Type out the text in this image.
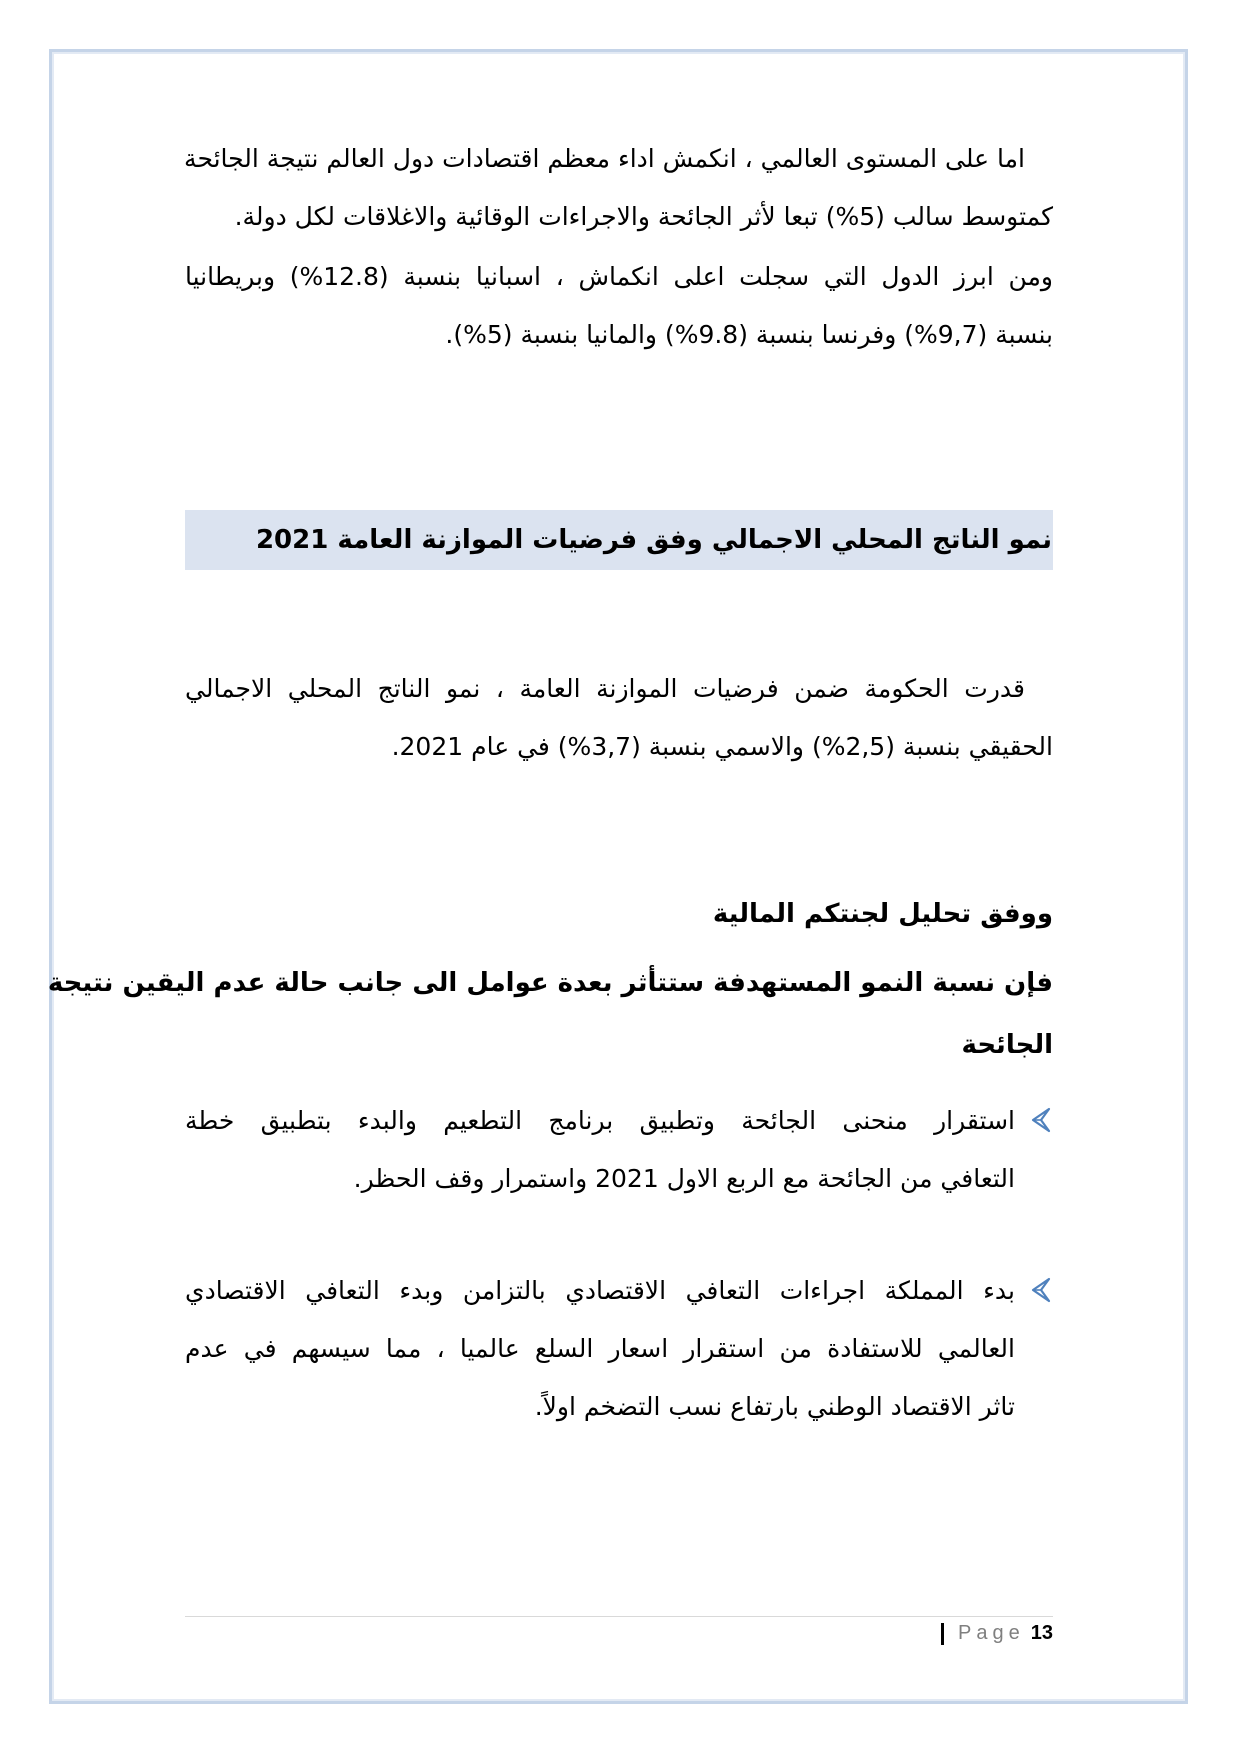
اما على المستوى العالمي ، انكمش اداء معظم اقتصادات دول العالم نتيجة الجائحة
كمتوسط سالب (5%) تبعا لأثر الجائحة والاجراءات الوقائية والاغلاقات لكل دولة.

ومن ابرز الدول التي سجلت اعلى انكماش ، اسبانيا بنسبة (12.8%) وبريطانيا
بنسبة (9,7%) وفرنسا بنسبة (9.8%) والمانيا بنسبة (5%).

نمو الناتج المحلي الاجمالي وفق فرضيات الموازنة العامة 2021

قدرت الحكومة ضمن فرضيات الموازنة العامة ، نمو الناتج المحلي الاجمالي
الحقيقي بنسبة (2,5%) والاسمي بنسبة (3,7%) في عام 2021.

ووفق تحليل لجنتكم المالية

فإن نسبة النمو المستهدفة ستتأثر بعدة عوامل الى جانب حالة عدم اليقين نتيجة
الجائحة

استقرار منحنى الجائحة وتطبيق برنامج التطعيم والبدء بتطبيق خطة
التعافي من الجائحة مع الربع الاول 2021 واستمرار وقف الحظر.
بدء المملكة اجراءات التعافي الاقتصادي بالتزامن وبدء التعافي الاقتصادي
العالمي للاستفادة من استقرار اسعار السلع عالميا ، مما سيسهم في عدم
تاثر الاقتصاد الوطني بارتفاع نسب التضخم اولاً.
Page 13
